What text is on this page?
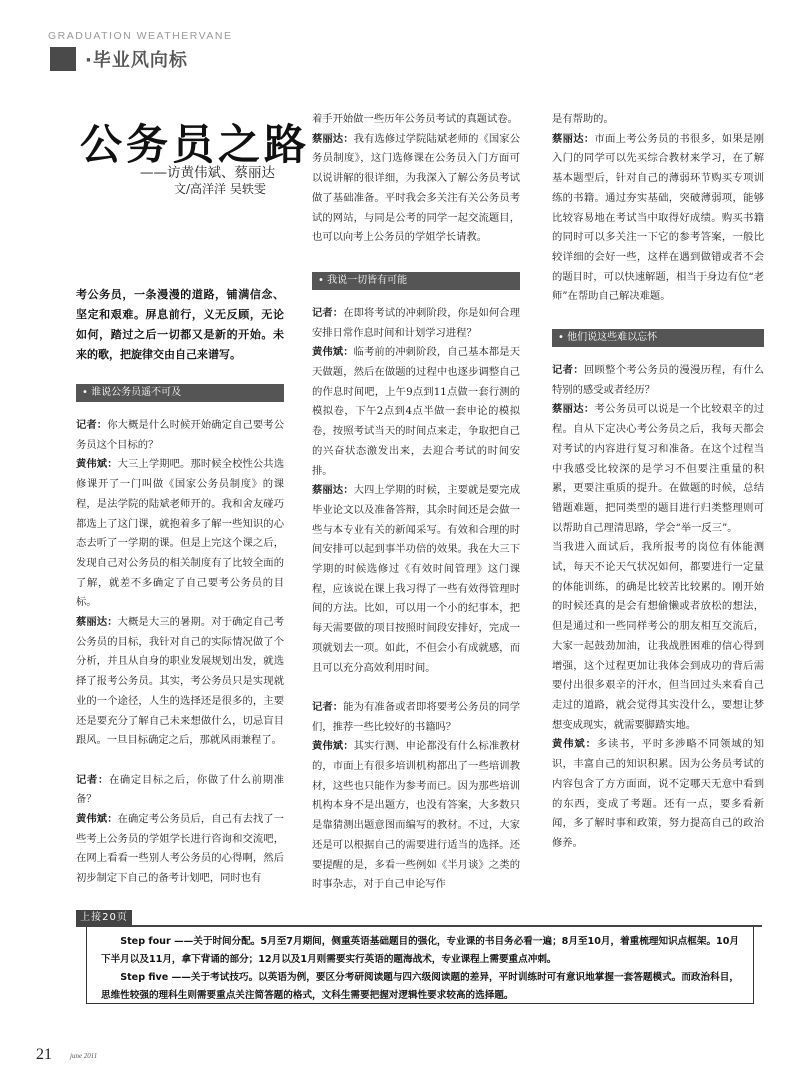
GRADUATION WEATHERVANE
·毕业风向标
公务员之路
——访黄伟斌、蔡丽达
文/高洋洋 吴轶雯
考公务员，一条漫漫的道路，铺满信念、坚定和艰难。屏息前行，义无反顾，无论如何，踏过之后一切都又是新的开始。未来的歌，把旋律交由自己来谱写。
• 谁说公务员遥不可及

记者：你大概是什么时候开始确定自己要考公务员这个目标的？

黄伟斌：大三上学期吧。那时候全校性公共选修课开了一门叫做《国家公务员制度》的课程，是法学院的陆斌老师开的。我和舍友碰巧都选上了这门课，就抱着多了解一些知识的心态去听了一学期的课。但是上完这个课之后，发现自己对公务员的相关制度有了比较全面的了解，就差不多确定了自己要考公务员的目标。

蔡丽达：大概是大三的暑期。对于确定自己考公务员的目标，我针对自己的实际情况做了个分析，并且从自身的职业发展规划出发，就选择了报考公务员。其实，考公务员只是实现就业的一个途径，人生的选择还是很多的，主要还是要充分了解自己未来想做什么，切忌盲目跟风。一旦目标确定之后，那就风雨兼程了。

记者：在确定目标之后，你做了什么前期准备？

黄伟斌：在确定考公务员后，自己有去找了一些考上公务员的学姐学长进行咨询和交流吧，在网上看看一些别人考公务员的心得啊，然后初步制定下自己的备考计划吧，同时也有

着手开始做一些历年公务员考试的真题试卷。

蔡丽达：我有选修过学院陆斌老师的《国家公务员制度》，这门选修课在公务员入门方面可以说讲解的很详细，为我深入了解公务员考试做了基础准备。平时我会多关注有关公务员考试的网站，与同是公考的同学一起交流题目，也可以向考上公务员的学姐学长请教。

• 我说一切皆有可能

记者：在即将考试的冲刺阶段，你是如何合理安排日常作息时间和计划学习进程？

黄伟斌：临考前的冲刺阶段，自己基本都是天天做题，然后在做题的过程中也逐步调整自己的作息时间吧，上午9点到11点做一套行测的模拟卷，下午2点到4点半做一套申论的模拟卷，按照考试当天的时间点来走，争取把自己的兴奋状态激发出来，去迎合考试的时间安排。

蔡丽达：大四上学期的时候，主要就是要完成毕业论文以及准备答辩，其余时间还是会做一些与本专业有关的新闻采写。有效和合理的时间安排可以起到事半功倍的效果。我在大三下学期的时候选修过《有效时间管理》这门课程，应该说在课上我习得了一些有效得管理时间的方法。比如，可以用一个小的纪事本，把每天需要做的项目按照时间段安排好，完成一项就划去一项。如此，不但会小有成就感，而且可以充分高效利用时间。

记者：能为有准备或者即将要考公务员的同学们，推荐一些比较好的书籍吗？

黄伟斌：其实行测、申论都没有什么标准教材的，市面上有很多培训机构都出了一些培训教材，这些也只能作为参考而已。因为那些培训机构本身不是出题方，也没有答案，大多数只是靠猜测出题意图而编写的教材。不过，大家还是可以根据自己的需要进行适当的选择。还要提醒的是，多看一些例如《半月谈》之类的时事杂志，对于自己申论写作

是有帮助的。

蔡丽达：市面上考公务员的书很多，如果是刚入门的同学可以先买综合教材来学习，在了解基本题型后，针对自己的薄弱环节购买专项训练的书籍。通过夯实基础，突破薄弱项，能够比较容易地在考试当中取得好成绩。购买书籍的同时可以多关注一下它的参考答案，一般比较详细的会好一些，这样在遇到做错或者不会的题目时，可以快速解题，相当于身边有位“老师”在帮助自己解决难题。

• 他们说这些难以忘怀

记者：回顾整个考公务员的漫漫历程，有什么特别的感受或者经历？

蔡丽达：考公务员可以说是一个比较艰辛的过程。自从下定决心考公务员之后，我每天都会对考试的内容进行复习和准备。在这个过程当中我感受比较深的是学习不但要注重量的积累，更要注重质的提升。在做题的时候，总结错题难题，把同类型的题目进行归类整理则可以帮助自己理清思路，学会“举一反三”。

当我进入面试后，我所报考的岗位有体能测试，每天不论天气状况如何，都要进行一定量的体能训练，的确是比较苦比较累的。刚开始的时候还真的是会有想偷懒或者放松的想法，但是通过和一些同样考公的朋友相互交流后，大家一起鼓劲加油，让我战胜困难的信心得到增强，这个过程更加让我体会到成功的背后需要付出很多艰辛的汗水，但当回过头来看自己走过的道路，就会觉得其实没什么，要想让梦想变成现实，就需要脚踏实地。

黄伟斌：多读书，平时多涉略不同领域的知识，丰富自己的知识积累。因为公务员考试的内容包含了方方面面，说不定哪天无意中看到的东西，变成了考题。还有一点，要多看新闻，多了解时事和政策，努力提高自己的政治修养。

上接20页

Step four ——关于时间分配。5月至7月期间，侧重英语基础题目的强化，专业课的书目务必看一遍；8月至10月，着重梳理知识点框架。10月下半月以及11月，拿下背诵的部分；12月以及1月则需要实行英语的题海战术，专业课程上需要重点冲刺。

Step five ——关于考试技巧。以英语为例，要区分考研阅读题与四六级阅读题的差异，平时训练时可有意识地掌握一套答题模式。而政治科目，思维性较强的理科生则需要重点关注简答题的格式，文科生需要把握对逻辑性要求较高的选择题。

21	june 2011
